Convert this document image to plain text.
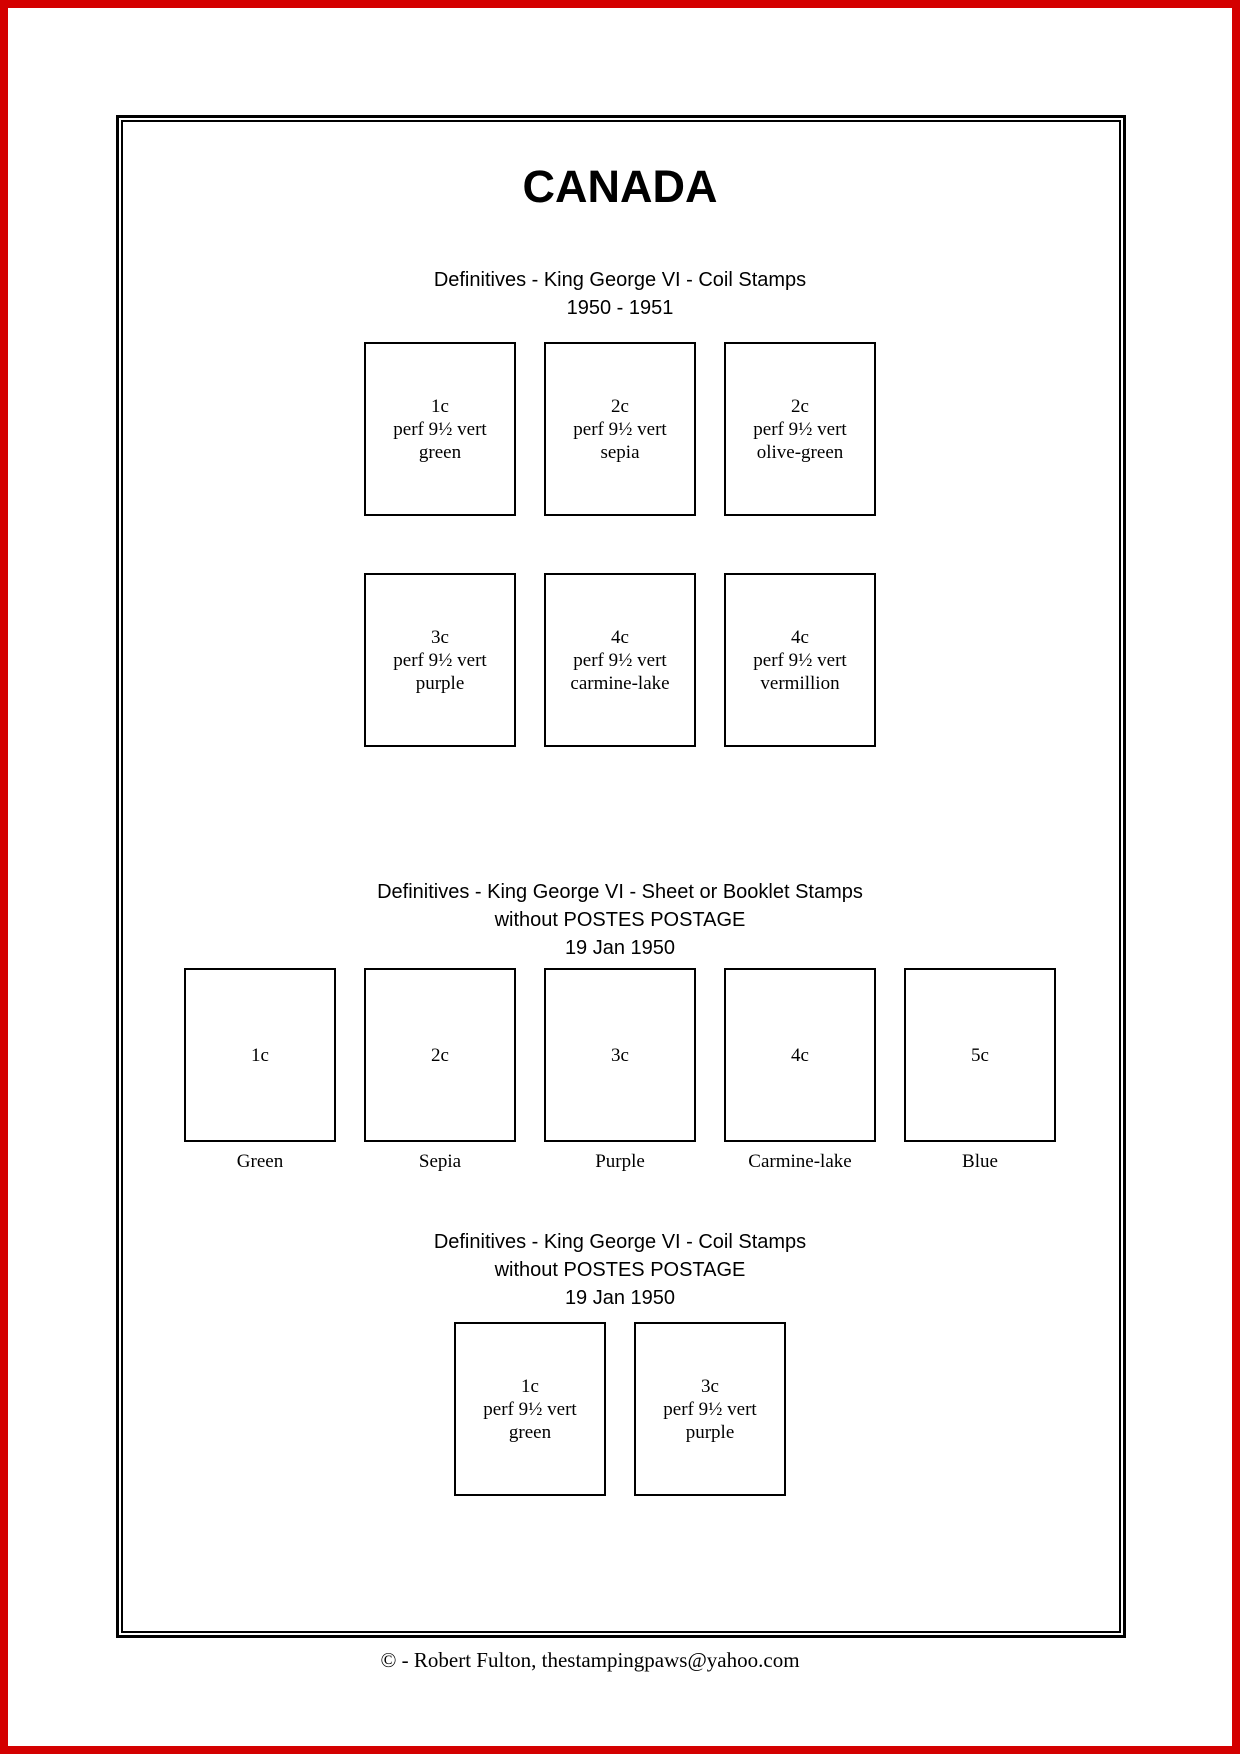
CANADA
Definitives - King George VI - Coil Stamps
1950 - 1951
1c
perf 9½ vert
green
2c
perf 9½ vert
sepia
2c
perf 9½ vert
olive-green
3c
perf 9½ vert
purple
4c
perf 9½ vert
carmine-lake
4c
perf 9½ vert
vermillion
Definitives - King George VI - Sheet or Booklet Stamps
without POSTES POSTAGE
19 Jan 1950
1c
Green
2c
Sepia
3c
Purple
4c
Carmine-lake
5c
Blue
Definitives - King George VI - Coil Stamps
without POSTES POSTAGE
19 Jan 1950
1c
perf 9½ vert
green
3c
perf 9½ vert
purple
© - Robert Fulton, thestampingpaws@yahoo.com
